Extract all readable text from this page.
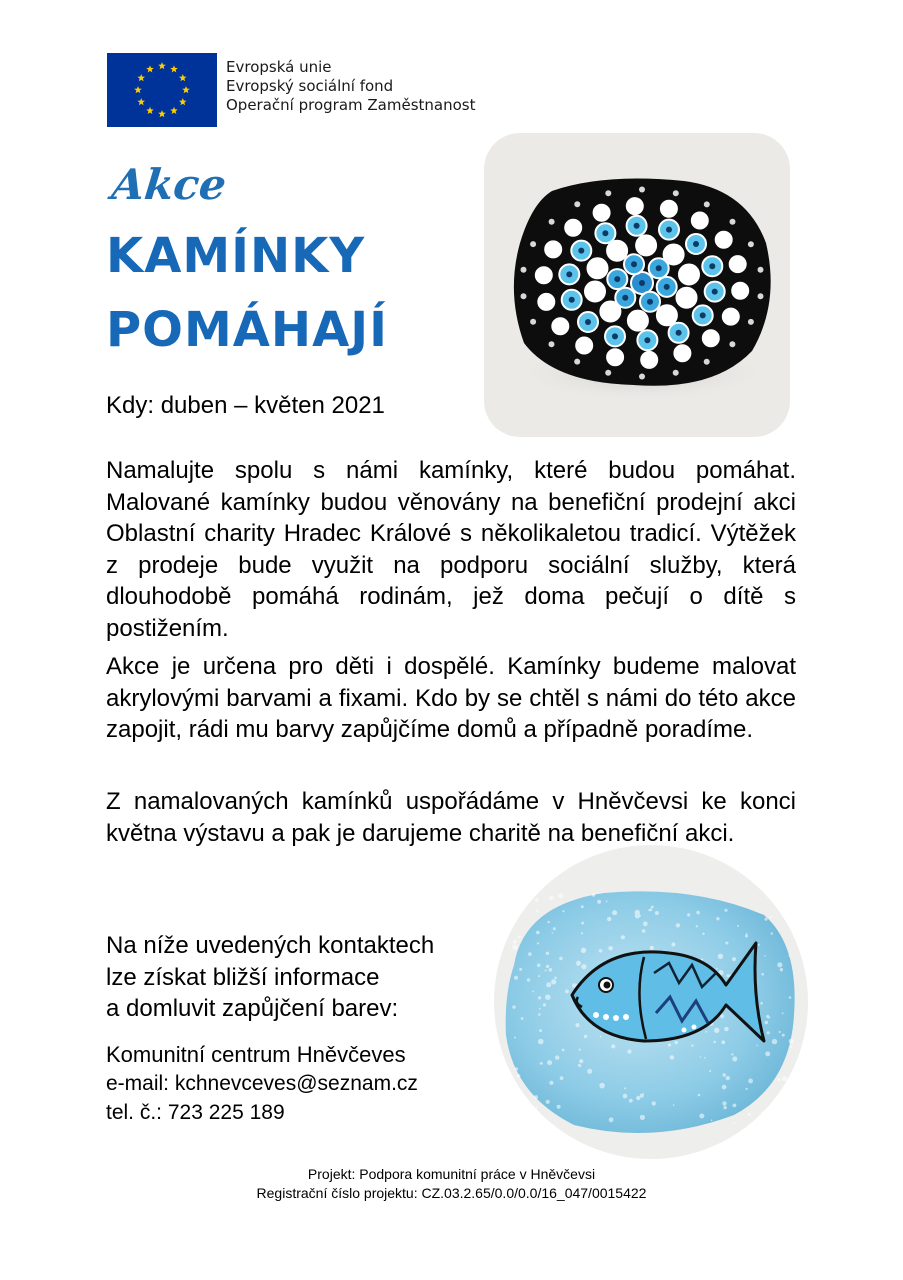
Evropská unie
Evropský sociální fond
Operační program Zaměstnanost
Akce
KAMÍNKY
POMÁHAJÍ
Kdy: duben – květen 2021
Namalujte spolu s námi kamínky, které budou pomáhat. Malované kamínky budou věnovány na benefiční prodejní akci Oblastní charity Hradec Králové s několikaletou tradicí. Výtěžek z prodeje bude využit na podporu sociální služby, která dlouhodobě pomáhá rodinám, jež doma pečují o dítě s postižením.
Akce je určena pro děti i dospělé. Kamínky budeme malovat akrylovými barvami a fixami. Kdo by se chtěl s námi do této akce zapojit, rádi mu barvy zapůjčíme domů a případně poradíme.
Z namalovaných kamínků uspořádáme v Hněvčevsi ke konci května výstavu a pak je darujeme charitě na benefiční akci.
Na níže uvedených kontaktech
lze získat bližší informace
a domluvit zapůjčení barev:
Komunitní centrum Hněvčeves
e-mail: kchnevceves@seznam.cz
tel. č.: 723 225 189
Projekt: Podpora komunitní práce v Hněvčevsi
Registrační číslo projektu: CZ.03.2.65/0.0/0.0/16_047/0015422
